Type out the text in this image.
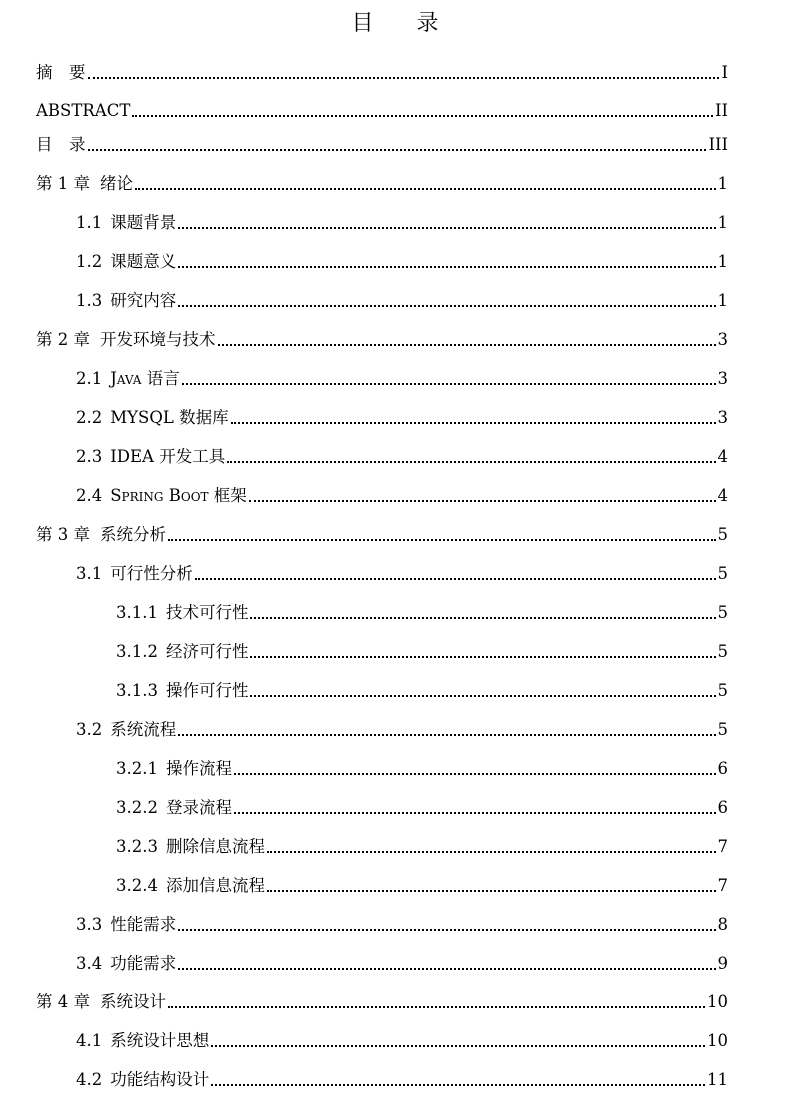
目 录
摘　要	I
ABSTRACT	II
目　录	III
第 1 章 绪论	1
1.1 课题背景	1
1.2 课题意义	1
1.3 研究内容	1
第 2 章 开发环境与技术	3
2.1 Java 语言	3
2.2 MYSQL 数据库	3
2.3 IDEA 开发工具	4
2.4 Spring Boot 框架	4
第 3 章 系统分析	5
3.1 可行性分析	5
3.1.1 技术可行性	5
3.1.2 经济可行性	5
3.1.3 操作可行性	5
3.2 系统流程	5
3.2.1 操作流程	6
3.2.2 登录流程	6
3.2.3 删除信息流程	7
3.2.4 添加信息流程	7
3.3 性能需求	8
3.4 功能需求	9
第 4 章 系统设计	10
4.1 系统设计思想	10
4.2 功能结构设计	11
